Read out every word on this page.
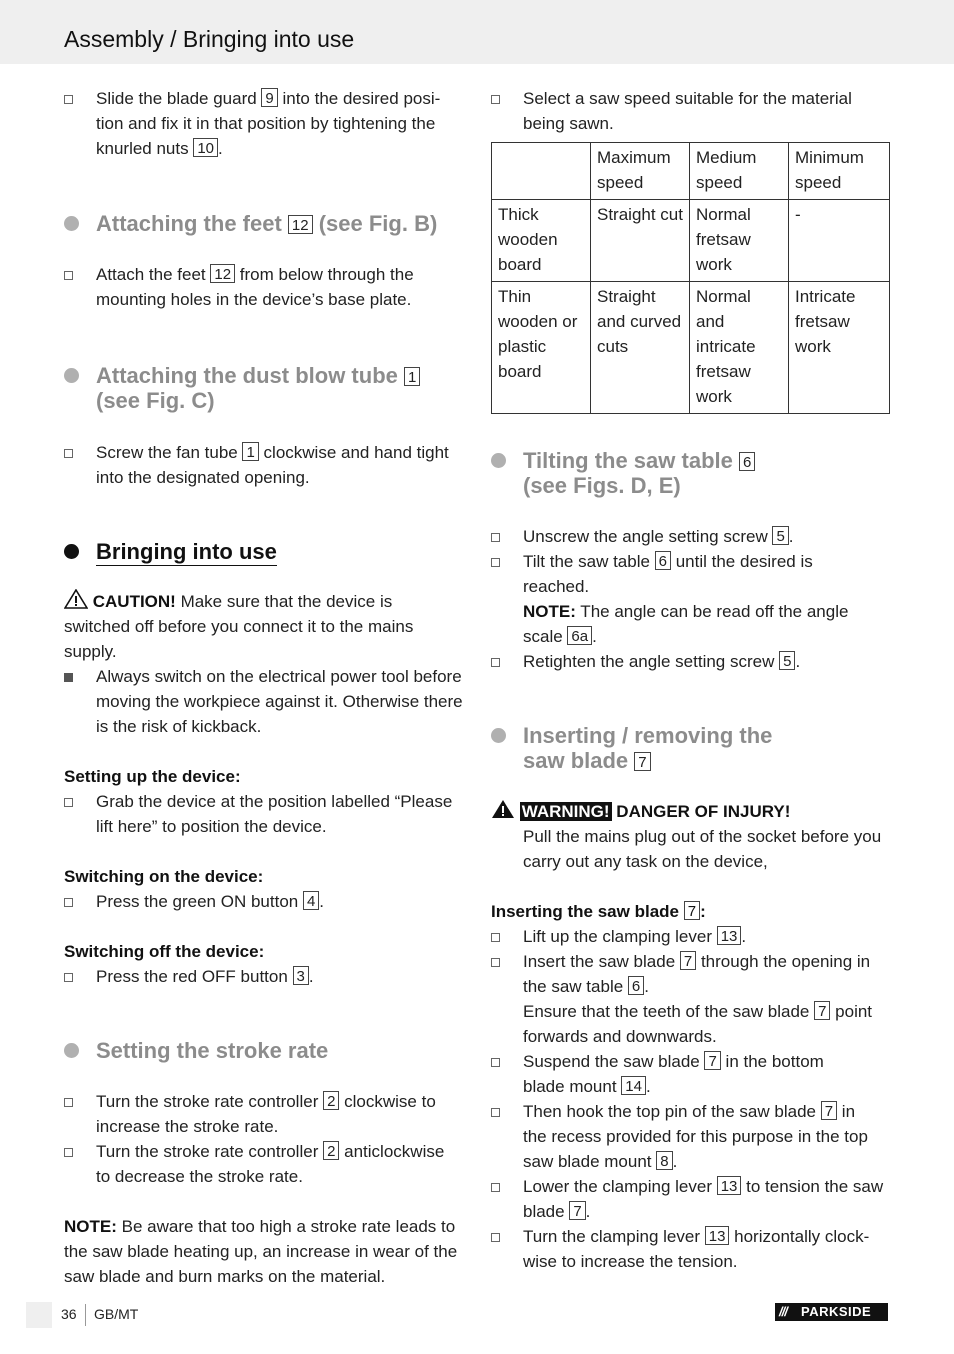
Assembly / Bringing into use
Slide the blade guard 9 into the desired posi-
tion and fix it in that position by tightening the
knurled nuts 10 .
Attaching the feet 12 (see Fig. B)
Attach the feet 12 from below through the
mounting holes in the device’s base plate.
Attaching the dust blow tube 1
(see Fig. C)
Screw the fan tube 1 clockwise and hand tight
into the designated opening.
Bringing into use
CAUTION! Make sure that the device is
switched off before you connect it to the mains supply.
Always switch on the electrical power tool before moving the workpiece against it. Otherwise there is the risk of kickback.
Setting up the device:
Grab the device at the position labelled “Please lift here” to position the device.
Switching on the device:
Press the green ON button 4 .
Switching off the device:
Press the red OFF button 3 .
Setting the stroke rate
Turn the stroke rate controller 2 clockwise to
increase the stroke rate.
Turn the stroke rate controller 2 anticlockwise
to decrease the stroke rate.
NOTE: Be aware that too high a stroke rate leads to the saw blade heating up, an increase in wear of the saw blade and burn marks on the material.
Select a saw speed suitable for the material being sawn.
	Maximum speed	Medium speed	Minimum speed
Thick wooden board	Straight cut	Normal fretsaw work	-
Thin wooden or plastic board	Straight and curved cuts	Normal and intricate fretsaw work	Intricate fretsaw work
Tilting the saw table 6
(see Figs. D, E)
Unscrew the angle setting screw 5 .
Tilt the saw table 6 until the desired is
reached.
NOTE: The angle can be read off the angle
scale 6a .
Retighten the angle setting screw 5 .
Inserting / removing the
saw blade 7
WARNING! DANGER OF INJURY!
Pull the mains plug out of the socket before you carry out any task on the device,
Inserting the saw blade 7 :
Lift up the clamping lever 13 .
Insert the saw blade 7 through the opening in
the saw table 6 .
Ensure that the teeth of the saw blade 7 point
forwards and downwards.
Suspend the saw blade 7 in the bottom
blade mount 14 .
Then hook the top pin of the saw blade 7 in
the recess provided for this purpose in the top
saw blade mount 8 .
Lower the clamping lever 13 to tension the saw
blade 7 .
Turn the clamping lever 13 horizontally clock-
wise to increase the tension.
36 GB/MT	/// PARKSIDE
